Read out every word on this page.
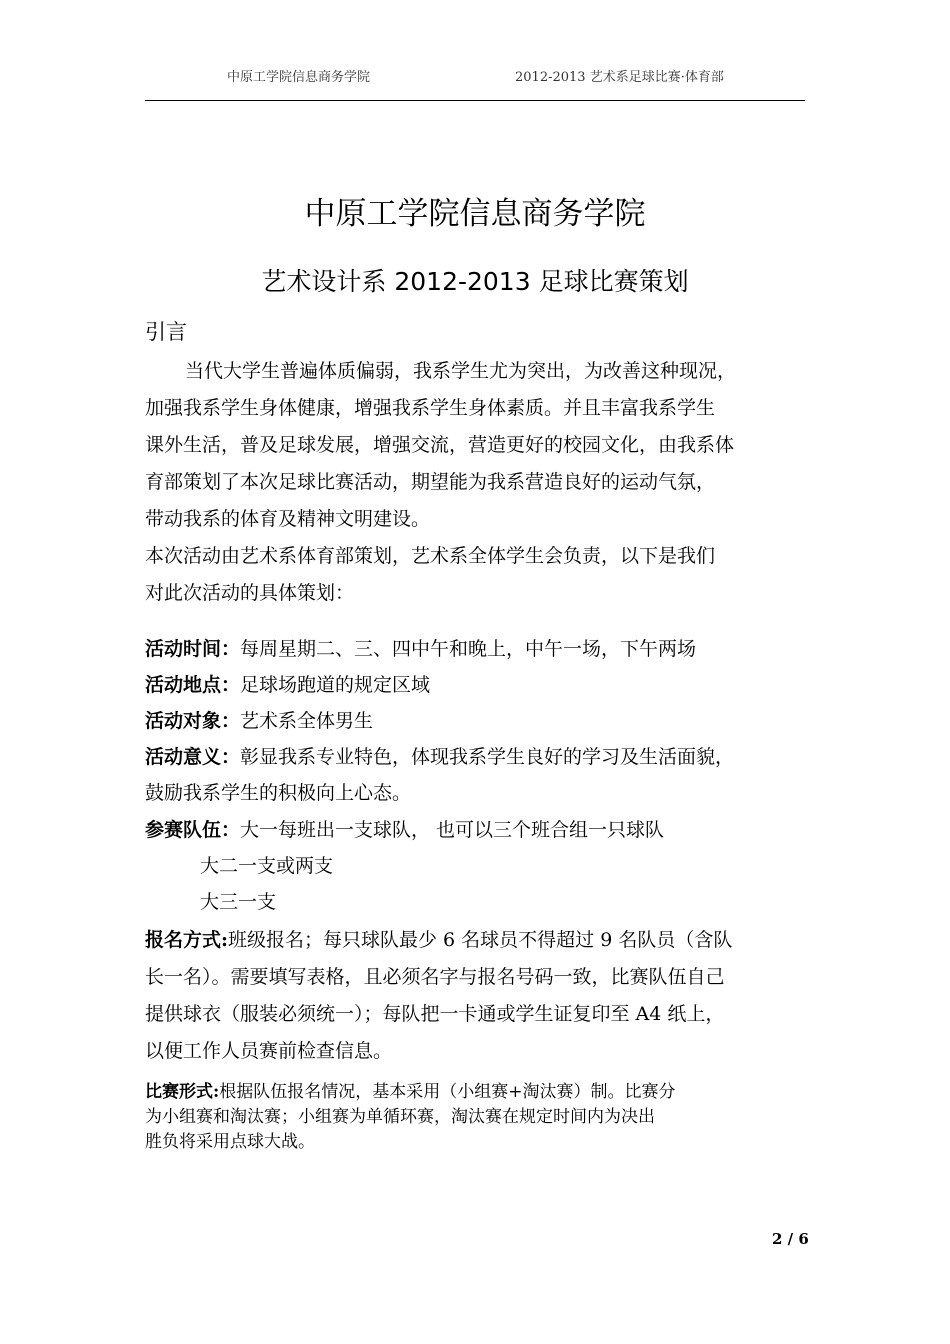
中原工学院信息商务学院	2012-2013 艺术系足球比赛·体育部
中原工学院信息商务学院
艺术设计系 2012-2013 足球比赛策划
引言
当代大学生普遍体质偏弱，我系学生尤为突出，为改善这种现况，
加强我系学生身体健康，增强我系学生身体素质。并且丰富我系学生
课外生活，普及足球发展，增强交流，营造更好的校园文化，由我系体
育部策划了本次足球比赛活动，期望能为我系营造良好的运动气氛，
带动我系的体育及精神文明建设。
本次活动由艺术系体育部策划，艺术系全体学生会负责，以下是我们
对此次活动的具体策划：
活动时间：每周星期二、三、四中午和晚上，中午一场，下午两场
活动地点：足球场跑道的规定区域
活动对象：艺术系全体男生
活动意义：彰显我系专业特色，体现我系学生良好的学习及生活面貌，
鼓励我系学生的积极向上心态。
参赛队伍：大一每班出一支球队， 也可以三个班合组一只球队
大二一支或两支
大三一支
报名方式:班级报名；每只球队最少 6 名球员不得超过 9 名队员（含队
长一名）。需要填写表格，且必须名字与报名号码一致，比赛队伍自己
提供球衣（服装必须统一）；每队把一卡通或学生证复印至 A4 纸上，
以便工作人员赛前检查信息。
比赛形式:根据队伍报名情况，基本采用（小组赛+淘汰赛）制。比赛分
为小组赛和淘汰赛；小组赛为单循环赛，淘汰赛在规定时间内为决出
胜负将采用点球大战。
2 / 6
